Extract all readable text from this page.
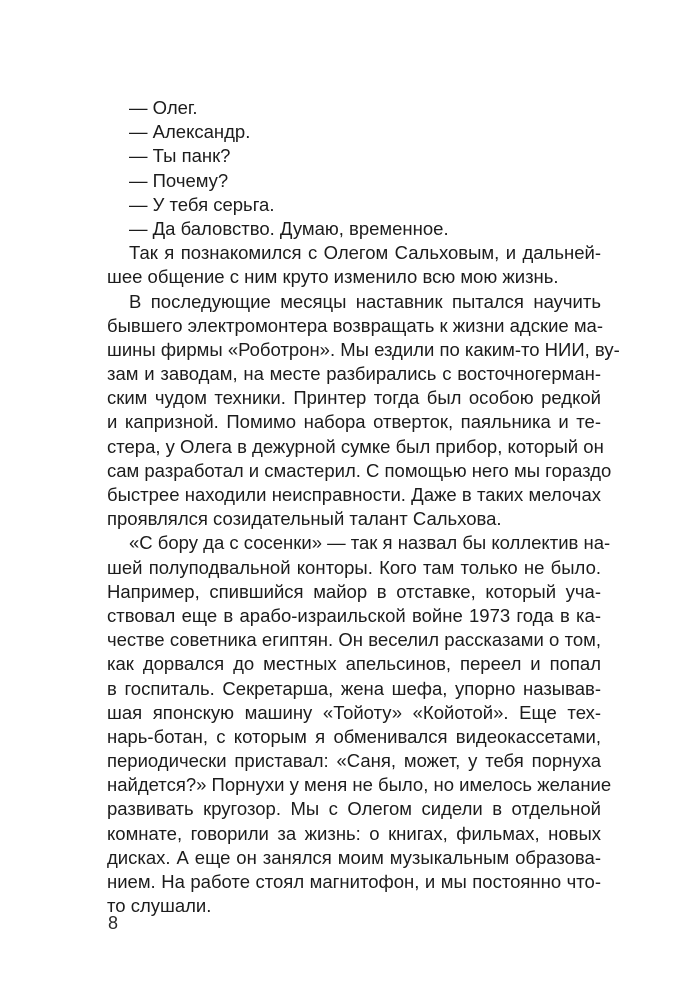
— Олег.
— Александр.
— Ты панк?
— Почему?
— У тебя серьга.
— Да баловство. Думаю, временное.
Так я познакомился с Олегом Сальховым, и дальней-
шее общение с ним круто изменило всю мою жизнь.
В последующие месяцы наставник пытался научить
бывшего электромонтера возвращать к жизни адские ма-
шины фирмы «Роботрон». Мы ездили по каким-то НИИ, ву-
зам и заводам, на месте разбирались с восточногерман-
ским чудом техники. Принтер тогда был особою редкой
и капризной. Помимо набора отверток, паяльника и те-
стера, у Олега в дежурной сумке был прибор, который он
сам разработал и смастерил. С помощью него мы гораздо
быстрее находили неисправности. Даже в таких мелочах
проявлялся созидательный талант Сальхова.
«С бору да с сосенки» — так я назвал бы коллектив на-
шей полуподвальной конторы. Кого там только не было.
Например, спившийся майор в отставке, который уча-
ствовал еще в арабо-израильской войне 1973 года в ка-
честве советника египтян. Он веселил рассказами о том,
как дорвался до местных апельсинов, переел и попал
в госпиталь. Секретарша, жена шефа, упорно называв-
шая японскую машину «Тойоту» «Койотой». Еще тех-
нарь-ботан, с которым я обменивался видеокассетами,
периодически приставал: «Саня, может, у тебя порнуха
найдется?» Порнухи у меня не было, но имелось желание
развивать кругозор. Мы с Олегом сидели в отдельной
комнате, говорили за жизнь: о книгах, фильмах, новых
дисках. А еще он занялся моим музыкальным образова-
нием. На работе стоял магнитофон, и мы постоянно что-
то слушали.
8
